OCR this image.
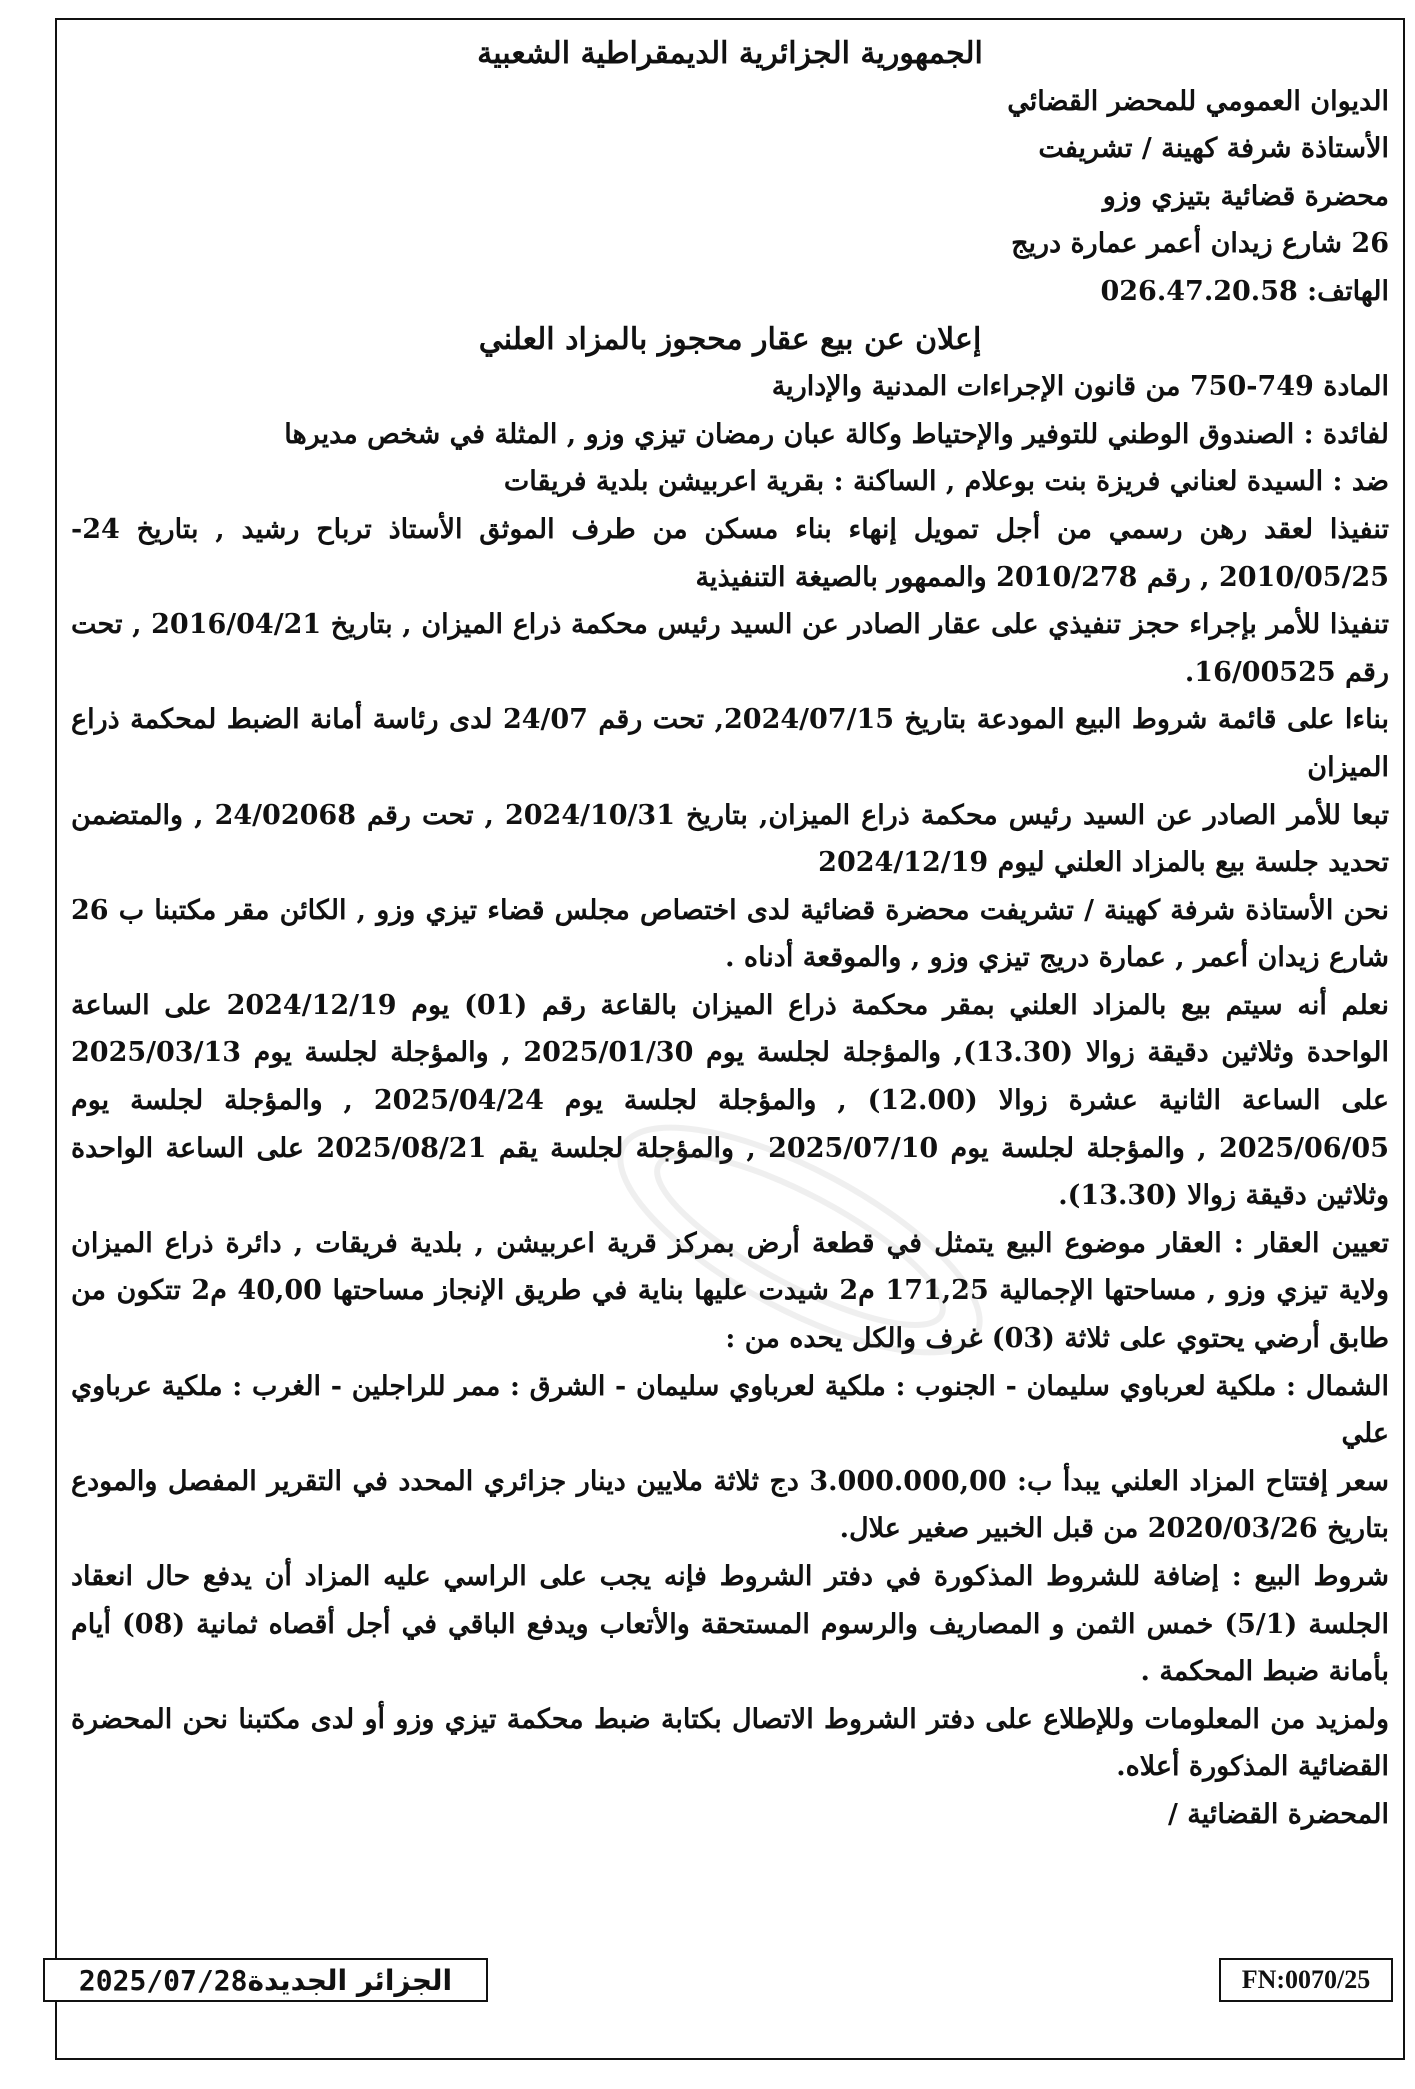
الجمهورية الجزائرية الديمقراطية الشعبية

الديوان العمومي للمحضر القضائي

الأستاذة شرفة كهينة / تشريفت

محضرة قضائية بتيزي وزو

26 شارع زيدان أعمر عمارة دريج

الهاتف: 026.47.20.58

إعلان عن بيع عقار محجوز بالمزاد العلني

المادة 749-750 من قانون الإجراءات المدنية والإدارية

لفائدة : الصندوق الوطني للتوفير والإحتياط وكالة عبان رمضان تيزي وزو , المثلة في شخص مديرها

ضد : السيدة لعناني فريزة بنت بوعلام , الساكنة : بقرية اعربيشن بلدية فريقات

تنفيذا لعقد رهن رسمي من أجل تمويل إنهاء بناء مسكن من طرف الموثق الأستاذ ترباح رشيد , بتاريخ 24-2010/05/25 , رقم 2010/278 والممهور بالصيغة التنفيذية

تنفيذا للأمر بإجراء حجز تنفيذي على عقار الصادر عن السيد رئيس محكمة ذراع الميزان , بتاريخ 2016/04/21 , تحت رقم 16/00525.

بناءا على قائمة شروط البيع المودعة بتاريخ 2024/07/15, تحت رقم 24/07 لدى رئاسة أمانة الضبط لمحكمة ذراع الميزان

تبعا للأمر الصادر عن السيد رئيس محكمة ذراع الميزان, بتاريخ 2024/10/31 , تحت رقم 24/02068 , والمتضمن تحديد جلسة بيع بالمزاد العلني ليوم 2024/12/19

نحن الأستاذة شرفة كهينة / تشريفت محضرة قضائية لدى اختصاص مجلس قضاء تيزي وزو , الكائن مقر مكتبنا ب 26 شارع زيدان أعمر , عمارة دريج تيزي وزو , والموقعة أدناه .

نعلم أنه سيتم بيع بالمزاد العلني بمقر محكمة ذراع الميزان بالقاعة رقم (01) يوم 2024/12/19 على الساعة الواحدة وثلاثين دقيقة زوالا (13.30), والمؤجلة لجلسة يوم 2025/01/30 , والمؤجلة لجلسة يوم 2025/03/13 على الساعة الثانية عشرة زوالا (12.00) , والمؤجلة لجلسة يوم 2025/04/24 , والمؤجلة لجلسة يوم 2025/06/05 , والمؤجلة لجلسة يوم 2025/07/10 , والمؤجلة لجلسة يقم 2025/08/21 على الساعة الواحدة وثلاثين دقيقة زوالا (13.30).

تعيين العقار : العقار موضوع البيع يتمثل في قطعة أرض بمركز قرية اعربيشن , بلدية فريقات , دائرة ذراع الميزان ولاية تيزي وزو , مساحتها الإجمالية 171,25 م2 شيدت عليها بناية في طريق الإنجاز مساحتها 40,00 م2 تتكون من طابق أرضي يحتوي على ثلاثة (03) غرف والكل يحده من :

الشمال : ملكية لعرباوي سليمان - الجنوب : ملكية لعرباوي سليمان - الشرق : ممر للراجلين - الغرب : ملكية عرباوي علي

سعر إفتتاح المزاد العلني يبدأ ب: 3.000.000,00 دج ثلاثة ملايين دينار جزائري المحدد في التقرير المفصل والمودع بتاريخ 2020/03/26 من قبل الخبير صغير علال.

شروط البيع : إضافة للشروط المذكورة في دفتر الشروط فإنه يجب على الراسي عليه المزاد أن يدفع حال انعقاد الجلسة (5/1) خمس الثمن و المصاريف والرسوم المستحقة والأتعاب ويدفع الباقي في أجل أقصاه ثمانية (08) أيام بأمانة ضبط المحكمة .

ولمزيد من المعلومات وللإطلاع على دفتر الشروط الاتصال بكتابة ضبط محكمة تيزي وزو أو لدى مكتبنا نحن المحضرة القضائية المذكورة أعلاه.

المحضرة القضائية /

الجزائر الجديدة
2025/07/28	FN:0070/25
